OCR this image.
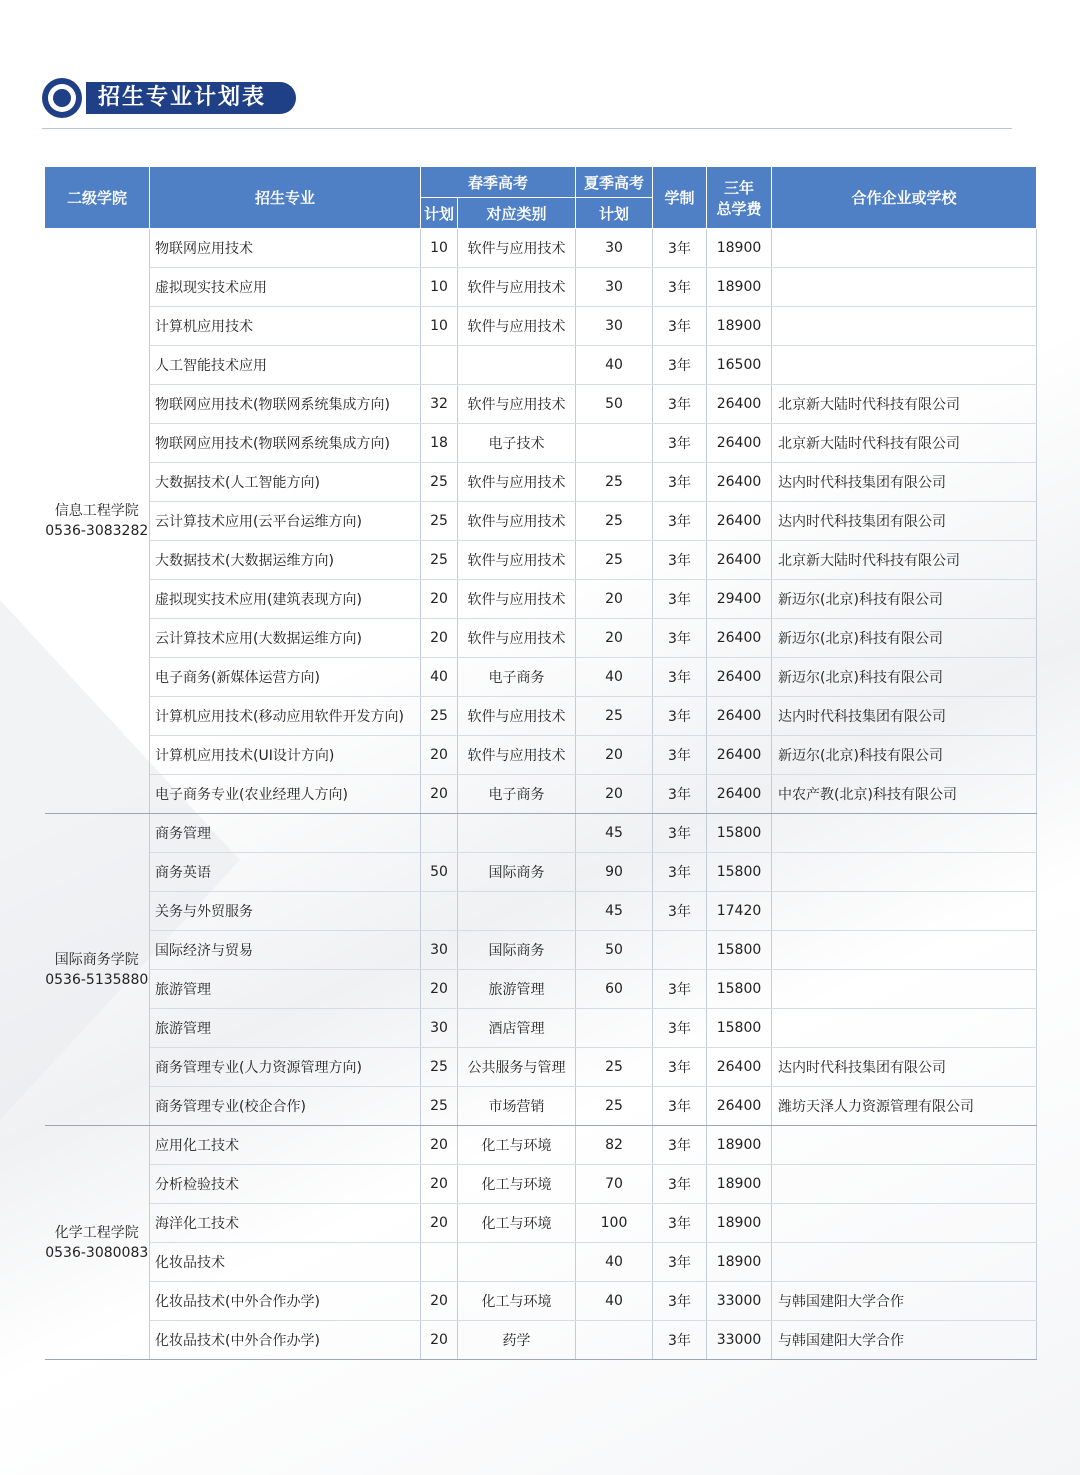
招生专业计划表
二级学院	招生专业	春季高考		夏季高考	学制	三年
总学费	合作企业或学校
		计划	对应类别	计划			

信息工程学院
0536-3083282	物联网应用技术	10	软件与应用技术	30	3年	18900	
	虚拟现实技术应用	10	软件与应用技术	30	3年	18900	
	计算机应用技术	10	软件与应用技术	30	3年	18900	
	人工智能技术应用			40	3年	16500	
	物联网应用技术(物联网系统集成方向)	32	软件与应用技术	50	3年	26400	北京新大陆时代科技有限公司
	物联网应用技术(物联网系统集成方向)	18	电子技术		3年	26400	北京新大陆时代科技有限公司
	大数据技术(人工智能方向)	25	软件与应用技术	25	3年	26400	达内时代科技集团有限公司
	云计算技术应用(云平台运维方向)	25	软件与应用技术	25	3年	26400	达内时代科技集团有限公司
	大数据技术(大数据运维方向)	25	软件与应用技术	25	3年	26400	北京新大陆时代科技有限公司
	虚拟现实技术应用(建筑表现方向)	20	软件与应用技术	20	3年	29400	新迈尔(北京)科技有限公司
	云计算技术应用(大数据运维方向)	20	软件与应用技术	20	3年	26400	新迈尔(北京)科技有限公司
	电子商务(新媒体运营方向)	40	电子商务	40	3年	26400	新迈尔(北京)科技有限公司
	计算机应用技术(移动应用软件开发方向)	25	软件与应用技术	25	3年	26400	达内时代科技集团有限公司
	计算机应用技术(UI设计方向)	20	软件与应用技术	20	3年	26400	新迈尔(北京)科技有限公司
	电子商务专业(农业经理人方向)	20	电子商务	20	3年	26400	中农产教(北京)科技有限公司

国际商务学院
0536-5135880	商务管理			45	3年	15800	
	商务英语	50	国际商务	90	3年	15800	
	关务与外贸服务			45	3年	17420	
	国际经济与贸易	30	国际商务	50		15800	
	旅游管理	20	旅游管理	60	3年	15800	
	旅游管理	30	酒店管理		3年	15800	
	商务管理专业(人力资源管理方向)	25	公共服务与管理	25	3年	26400	达内时代科技集团有限公司
	商务管理专业(校企合作)	25	市场营销	25	3年	26400	潍坊天泽人力资源管理有限公司

化学工程学院
0536-3080083	应用化工技术	20	化工与环境	82	3年	18900	
	分析检验技术	20	化工与环境	70	3年	18900	
	海洋化工技术	20	化工与环境	100	3年	18900	
	化妆品技术			40	3年	18900	
	化妆品技术(中外合作办学)	20	化工与环境	40	3年	33000	与韩国建阳大学合作
	化妆品技术(中外合作办学)	20	药学		3年	33000	与韩国建阳大学合作
